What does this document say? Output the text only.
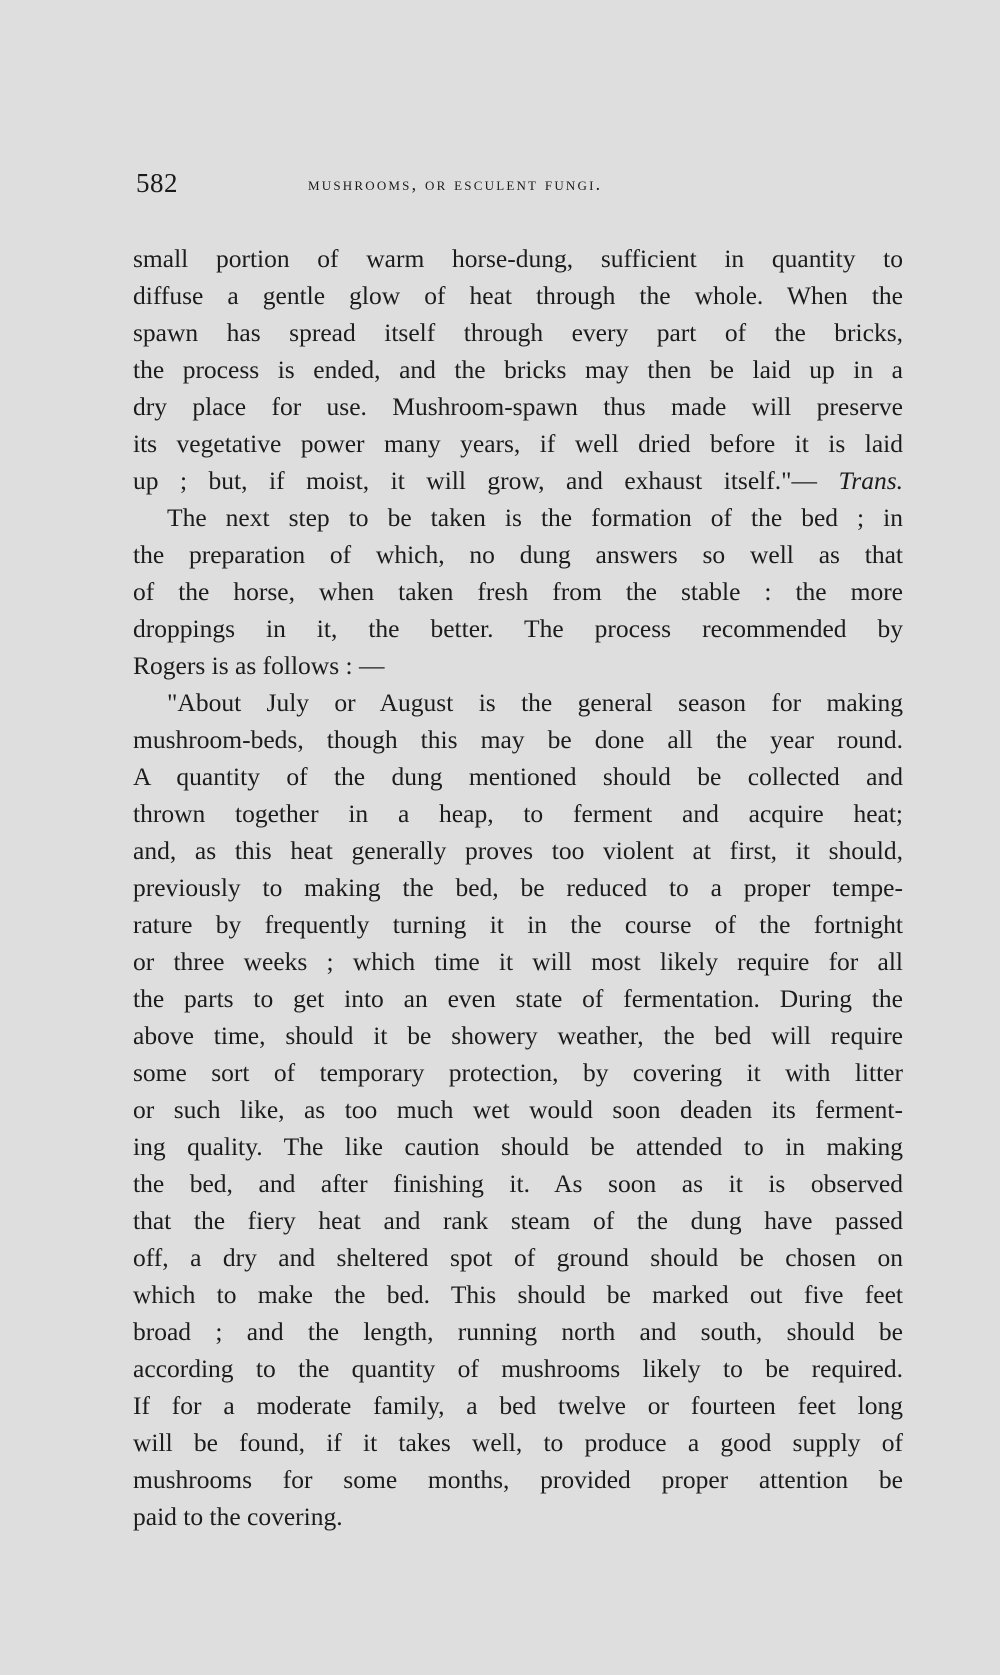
582	mushrooms, or esculent fungi.
small portion of warm horse-dung, sufficient in quantity to
diffuse a gentle glow of heat through the whole. When the
spawn has spread itself through every part of the bricks,
the process is ended, and the bricks may then be laid up in a
dry place for use. Mushroom-spawn thus made will preserve
its vegetative power many years, if well dried before it is laid
up ; but, if moist, it will grow, and exhaust itself."— Trans.
The next step to be taken is the formation of the bed ; in
the preparation of which, no dung answers so well as that
of the horse, when taken fresh from the stable : the more
droppings in it, the better. The process recommended by
Rogers is as follows : —
"About July or August is the general season for making
mushroom-beds, though this may be done all the year round.
A quantity of the dung mentioned should be collected and
thrown together in a heap, to ferment and acquire heat;
and, as this heat generally proves too violent at first, it should,
previously to making the bed, be reduced to a proper tempe-
rature by frequently turning it in the course of the fortnight
or three weeks ; which time it will most likely require for all
the parts to get into an even state of fermentation. During the
above time, should it be showery weather, the bed will require
some sort of temporary protection, by covering it with litter
or such like, as too much wet would soon deaden its ferment-
ing quality. The like caution should be attended to in making
the bed, and after finishing it. As soon as it is observed
that the fiery heat and rank steam of the dung have passed
off, a dry and sheltered spot of ground should be chosen on
which to make the bed. This should be marked out five feet
broad ; and the length, running north and south, should be
according to the quantity of mushrooms likely to be required.
If for a moderate family, a bed twelve or fourteen feet long
will be found, if it takes well, to produce a good supply of
mushrooms for some months, provided proper attention be
paid to the covering.
